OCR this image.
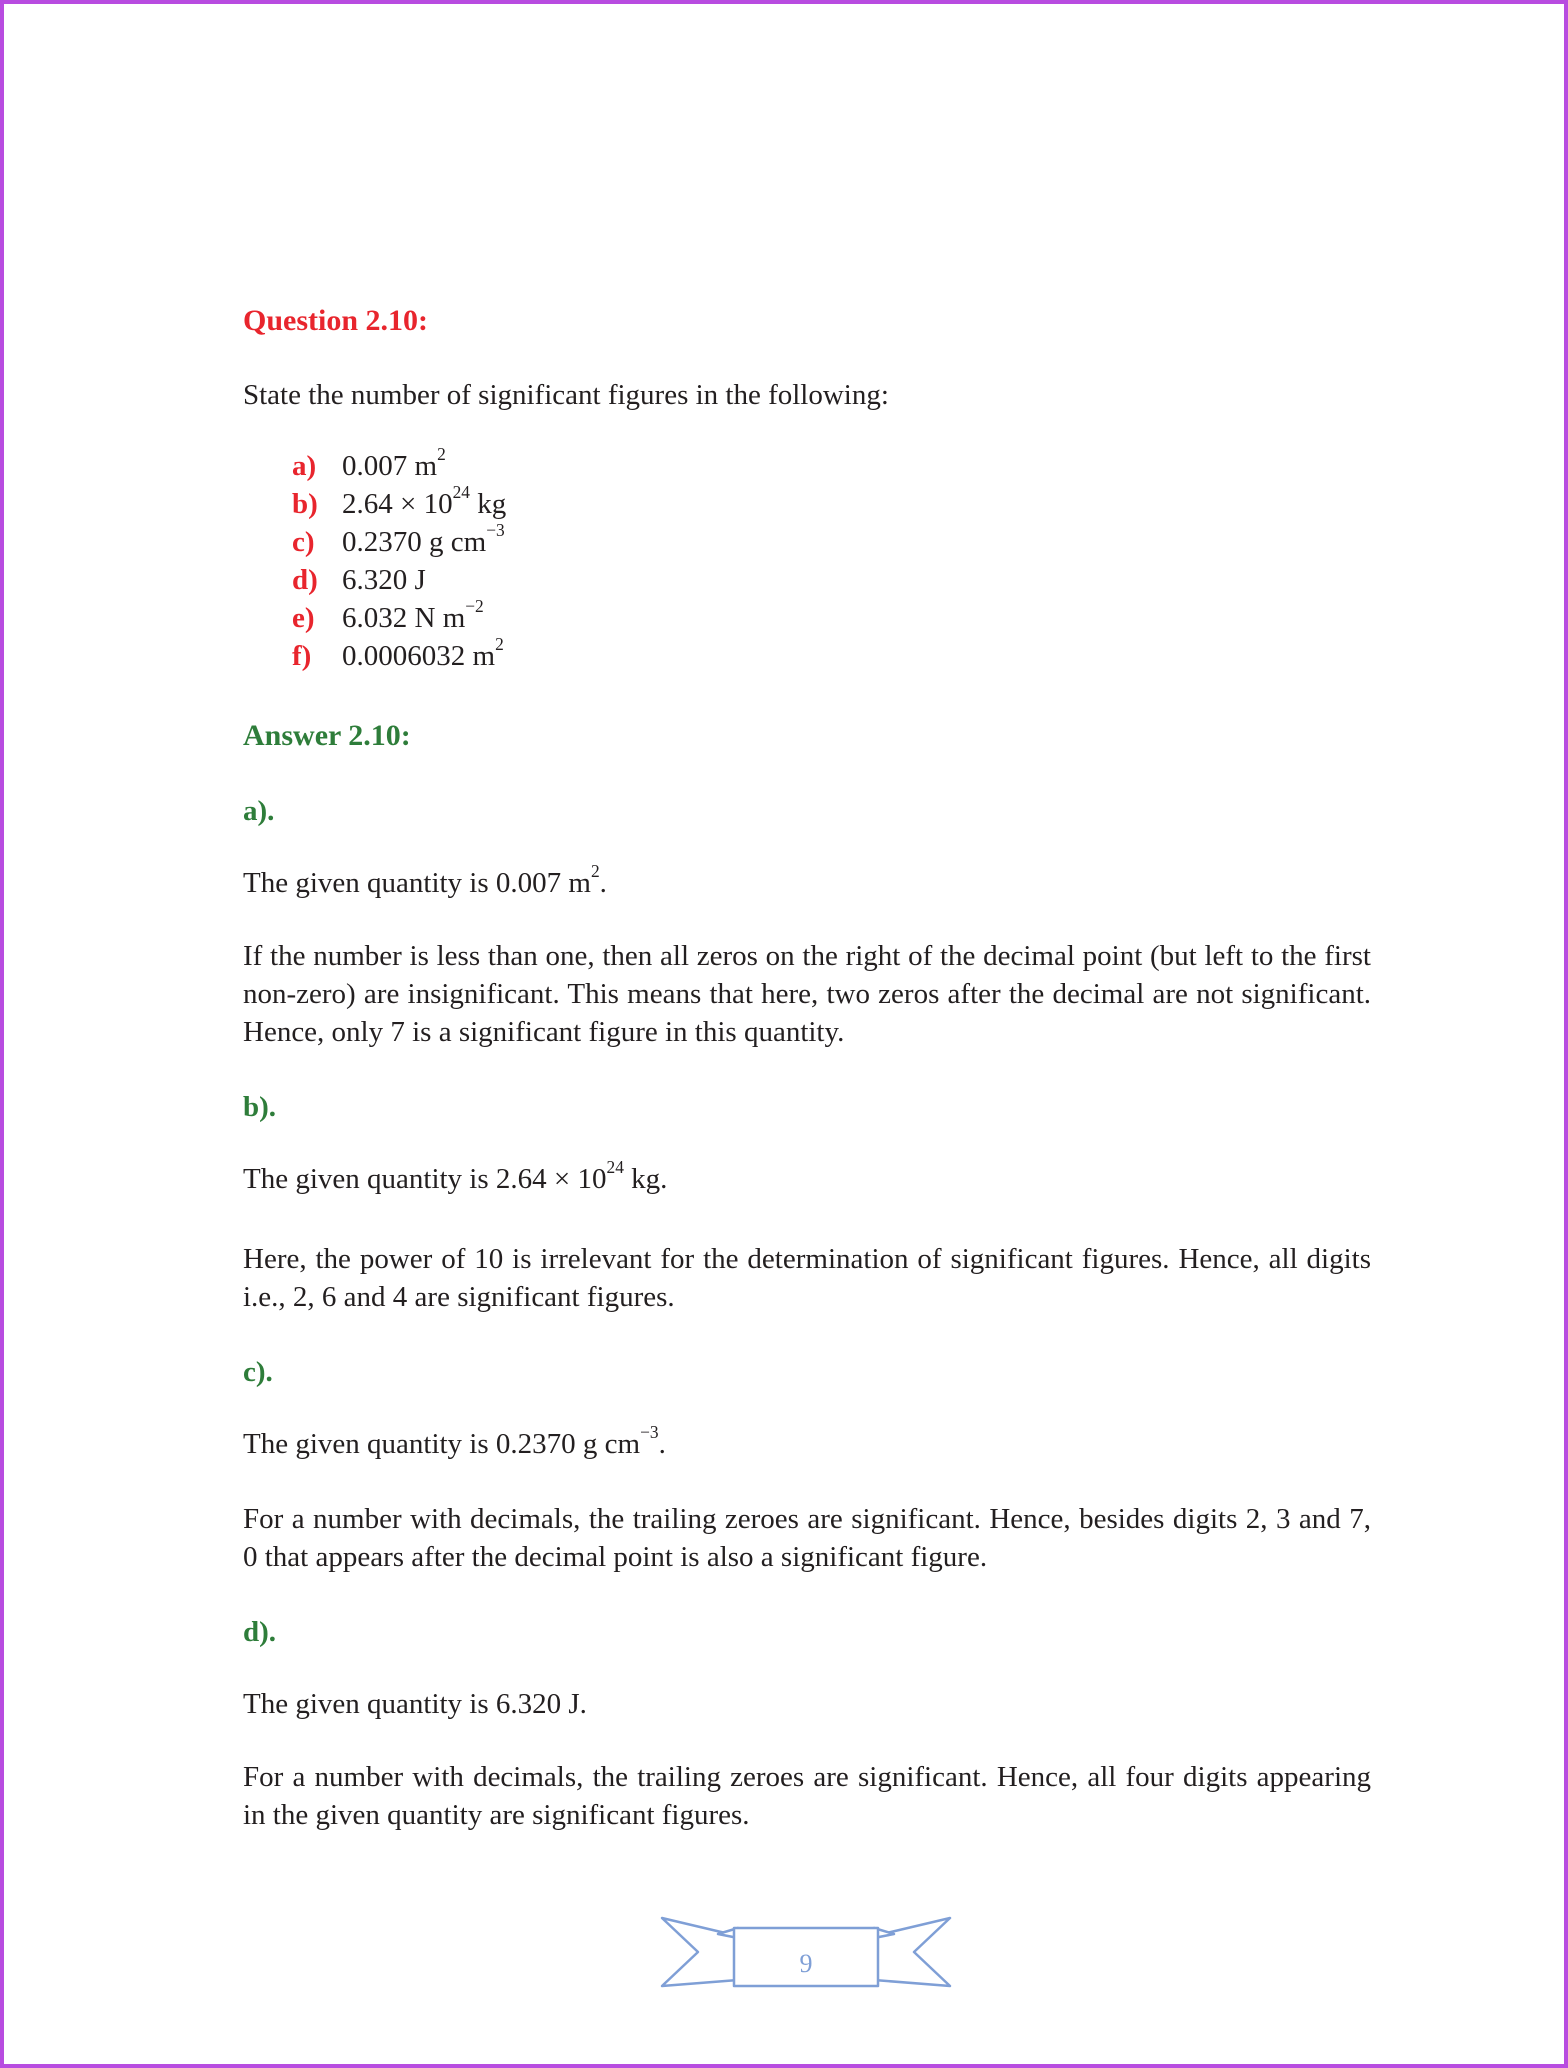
Question 2.10:
State the number of significant figures in the following:
a) 0.007 $m^2$
b) $2.64 \times 10^{24}$ kg
c) 0.2370 g $cm^{-3}$
d) 6.320 J
e) 6.032 N $m^{-2}$
f)	0.0006032 $m^2$
Answer 2.10:
a).
The given quantity is 0.007 $m^2$.
If the number is less than one, then all zeros on the right of the decimal point (but left to the first non-zero) are insignificant. This means that here, two zeros after the decimal are not significant. Hence, only 7 is a significant figure in this quantity.
b).
The given quantity is $2.64 \times 10^{24}$ kg.
Here, the power of 10 is irrelevant for the determination of significant figures. Hence, all digits i.e., 2, 6 and 4 are significant figures.
c).
The given quantity is 0.2370 g $cm^{-3}$.
For a number with decimals, the trailing zeroes are significant. Hence, besides digits 2, 3 and 7, 0 that appears after the decimal point is also a significant figure.
d).
The given quantity is 6.320 J.
For a number with decimals, the trailing zeroes are significant. Hence, all four digits appearing in the given quantity are significant figures.
9
